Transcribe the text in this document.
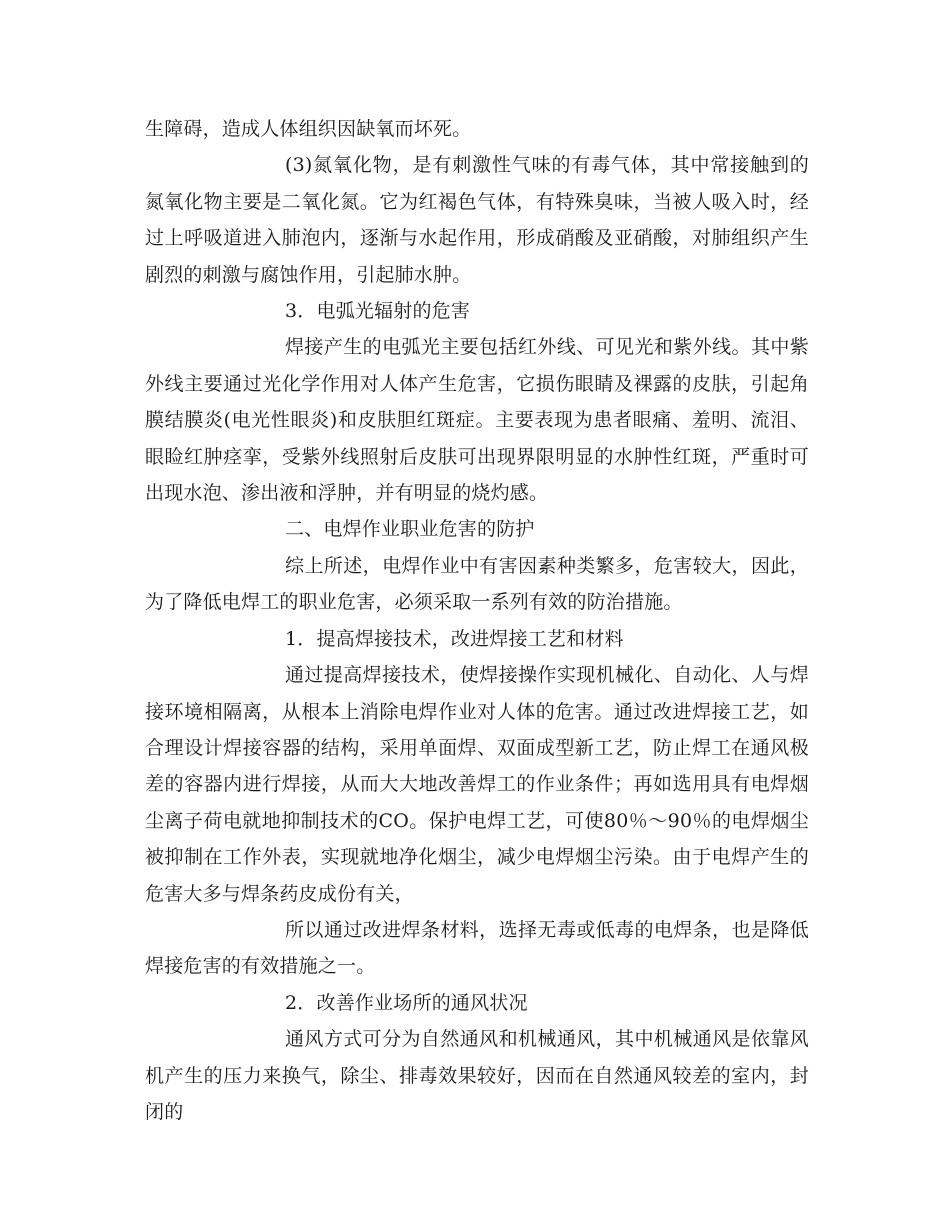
生障碍，造成人体组织因缺氧而坏死。

(3)氮氧化物，是有刺激性气味的有毒气体，其中常接触到的氮氧化物主要是二氧化氮。它为红褐色气体，有特殊臭味，当被人吸入时，经过上呼吸道进入肺泡内，逐渐与水起作用，形成硝酸及亚硝酸，对肺组织产生剧烈的刺激与腐蚀作用，引起肺水肿。

3．电弧光辐射的危害

焊接产生的电弧光主要包括红外线、可见光和紫外线。其中紫外线主要通过光化学作用对人体产生危害，它损伤眼睛及裸露的皮肤，引起角膜结膜炎(电光性眼炎)和皮肤胆红斑症。主要表现为患者眼痛、羞明、流泪、眼睑红肿痉挛，受紫外线照射后皮肤可出现界限明显的水肿性红斑，严重时可出现水泡、渗出液和浮肿，并有明显的烧灼感。

二、电焊作业职业危害的防护

综上所述，电焊作业中有害因素种类繁多，危害较大，因此，为了降低电焊工的职业危害，必须采取一系列有效的防治措施。

1．提高焊接技术，改进焊接工艺和材料

通过提高焊接技术，使焊接操作实现机械化、自动化、人与焊接环境相隔离，从根本上消除电焊作业对人体的危害。通过改进焊接工艺，如合理设计焊接容器的结构，采用单面焊、双面成型新工艺，防止焊工在通风极差的容器内进行焊接，从而大大地改善焊工的作业条件；再如选用具有电焊烟尘离子荷电就地抑制技术的CO。保护电焊工艺，可使80％～90％的电焊烟尘被抑制在工作外表，实现就地净化烟尘，减少电焊烟尘污染。由于电焊产生的危害大多与焊条药皮成份有关，

所以通过改进焊条材料，选择无毒或低毒的电焊条，也是降低焊接危害的有效措施之一。

2．改善作业场所的通风状况

通风方式可分为自然通风和机械通风，其中机械通风是依靠风机产生的压力来换气，除尘、排毒效果较好，因而在自然通风较差的室内，封闭的
